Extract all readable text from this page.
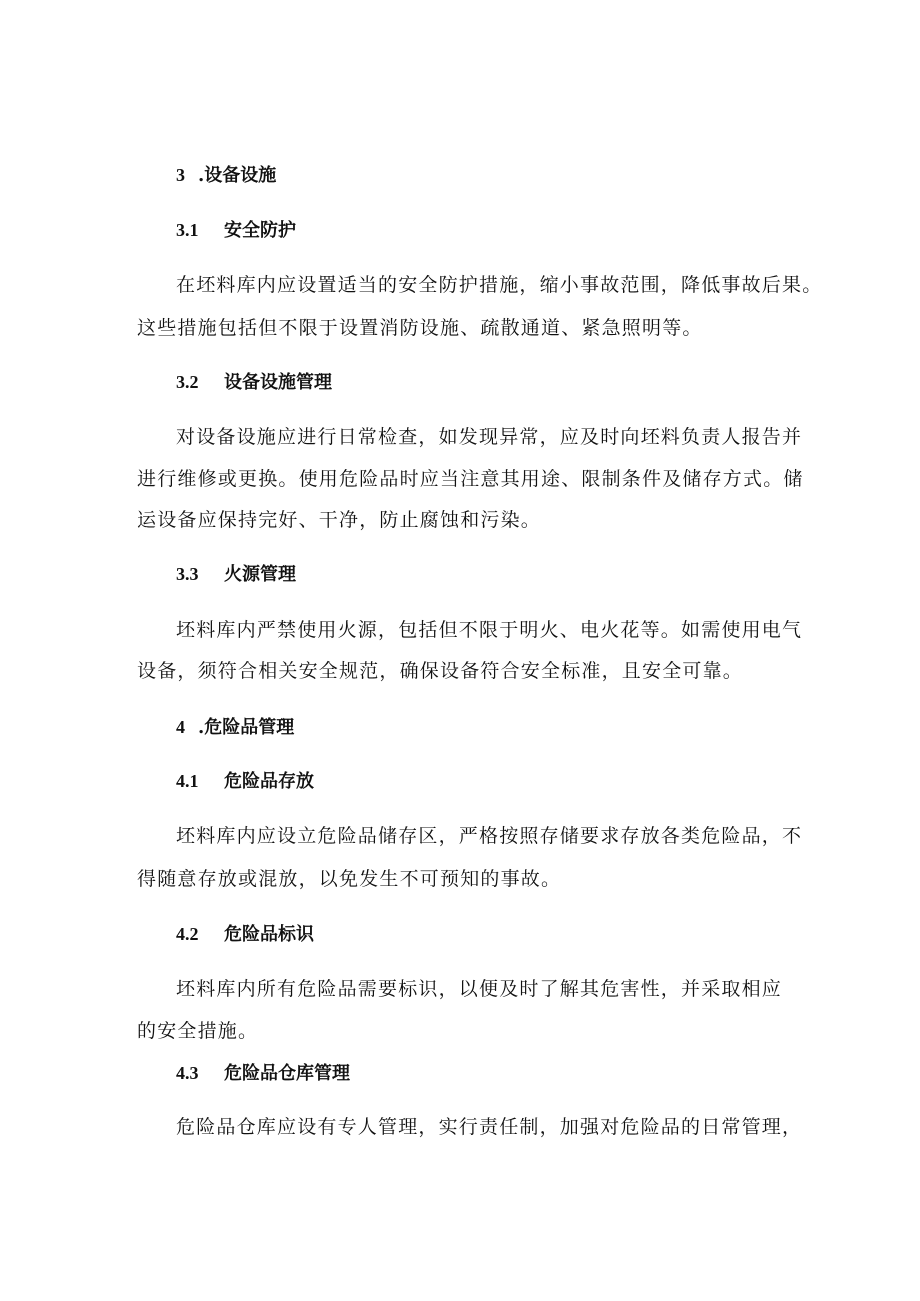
3 .设备设施
3.1 安全防护
在坯料库内应设置适当的安全防护措施，缩小事故范围，降低事故后果。
这些措施包括但不限于设置消防设施、疏散通道、紧急照明等。
3.2 设备设施管理
对设备设施应进行日常检查，如发现异常，应及时向坯料负责人报告并
进行维修或更换。使用危险品时应当注意其用途、限制条件及储存方式。储
运设备应保持完好、干净，防止腐蚀和污染。
3.3 火源管理
坯料库内严禁使用火源，包括但不限于明火、电火花等。如需使用电气
设备，须符合相关安全规范，确保设备符合安全标准，且安全可靠。
4 .危险品管理
4.1 危险品存放
坯料库内应设立危险品储存区，严格按照存储要求存放各类危险品，不
得随意存放或混放，以免发生不可预知的事故。
4.2 危险品标识
坯料库内所有危险品需要标识，以便及时了解其危害性，并采取相应
的安全措施。
4.3 危险品仓库管理
危险品仓库应设有专人管理，实行责任制，加强对危险品的日常管理，
